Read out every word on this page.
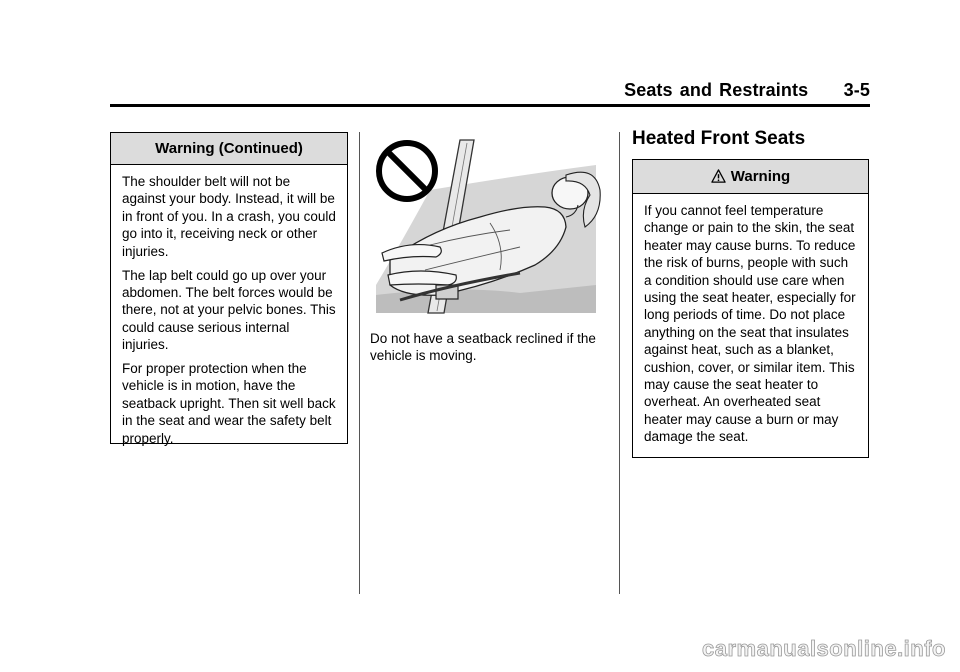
Seats and Restraints     3-5
Warning (Continued)

The shoulder belt will not be against your body. Instead, it will be in front of you. In a crash, you could go into it, receiving neck or other injuries.

The lap belt could go up over your abdomen. The belt forces would be there, not at your pelvic bones. This could cause serious internal injuries.

For proper protection when the vehicle is in motion, have the seatback upright. Then sit well back in the seat and wear the safety belt properly.

Do not have a seatback reclined if the vehicle is moving.
Heated Front Seats
Warning

If you cannot feel temperature change or pain to the skin, the seat heater may cause burns. To reduce the risk of burns, people with such a condition should use care when using the seat heater, especially for long periods of time. Do not place anything on the seat that insulates against heat, such as a blanket, cushion, cover, or similar item. This may cause the seat heater to overheat. An overheated seat heater may cause a burn or may damage the seat.

carmanualsonline.info
